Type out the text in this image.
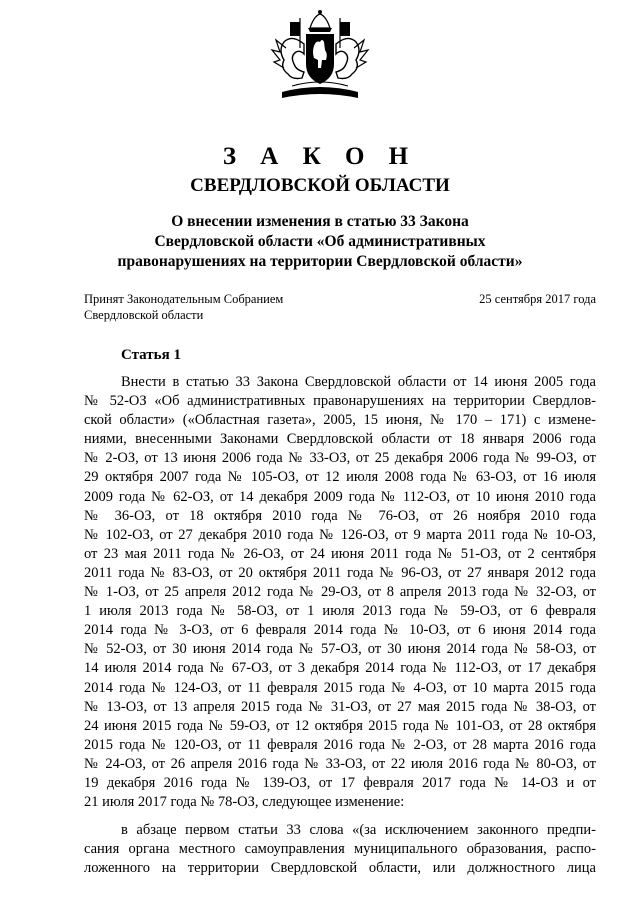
З А К О Н
СВЕРДЛОВСКОЙ ОБЛАСТИ
О внесении изменения в статью 33 Закона
Свердловской области «Об административных
правонарушениях на территории Свердловской области»
Принят Законодательным Собранием
Свердловской области
25 сентября 2017 года
Статья 1
Внести в статью 33 Закона Свердловской области от 14 июня 2005 года
№ 52-ОЗ «Об административных правонарушениях на территории Свердлов-
ской области» («Областная газета», 2005, 15 июня, № 170 – 171) с измене-
ниями, внесенными Законами Свердловской области от 18 января 2006 года
№ 2-ОЗ, от 13 июня 2006 года № 33-ОЗ, от 25 декабря 2006 года № 99-ОЗ, от
29 октября 2007 года № 105-ОЗ, от 12 июля 2008 года № 63-ОЗ, от 16 июля
2009 года № 62-ОЗ, от 14 декабря 2009 года № 112-ОЗ, от 10 июня 2010 года
№ 36-ОЗ, от 18 октября 2010 года № 76-ОЗ, от 26 ноября 2010 года
№ 102-ОЗ, от 27 декабря 2010 года № 126-ОЗ, от 9 марта 2011 года № 10-ОЗ,
от 23 мая 2011 года № 26-ОЗ, от 24 июня 2011 года № 51-ОЗ, от 2 сентября
2011 года № 83-ОЗ, от 20 октября 2011 года № 96-ОЗ, от 27 января 2012 года
№ 1-ОЗ, от 25 апреля 2012 года № 29-ОЗ, от 8 апреля 2013 года № 32-ОЗ, от
1 июля 2013 года № 58-ОЗ, от 1 июля 2013 года № 59-ОЗ, от 6 февраля
2014 года № 3-ОЗ, от 6 февраля 2014 года № 10-ОЗ, от 6 июня 2014 года
№ 52-ОЗ, от 30 июня 2014 года № 57-ОЗ, от 30 июня 2014 года № 58-ОЗ, от
14 июля 2014 года № 67-ОЗ, от 3 декабря 2014 года № 112-ОЗ, от 17 декабря
2014 года № 124-ОЗ, от 11 февраля 2015 года № 4-ОЗ, от 10 марта 2015 года
№ 13-ОЗ, от 13 апреля 2015 года № 31-ОЗ, от 27 мая 2015 года № 38-ОЗ, от
24 июня 2015 года № 59-ОЗ, от 12 октября 2015 года № 101-ОЗ, от 28 октября
2015 года № 120-ОЗ, от 11 февраля 2016 года № 2-ОЗ, от 28 марта 2016 года
№ 24-ОЗ, от 26 апреля 2016 года № 33-ОЗ, от 22 июля 2016 года № 80-ОЗ, от
19 декабря 2016 года № 139-ОЗ, от 17 февраля 2017 года № 14-ОЗ и от
21 июля 2017 года № 78-ОЗ, следующее изменение:
в абзаце первом статьи 33 слова «(за исключением законного предпи-
сания органа местного самоуправления муниципального образования, распо-
ложенного на территории Свердловской области, или должностного лица
